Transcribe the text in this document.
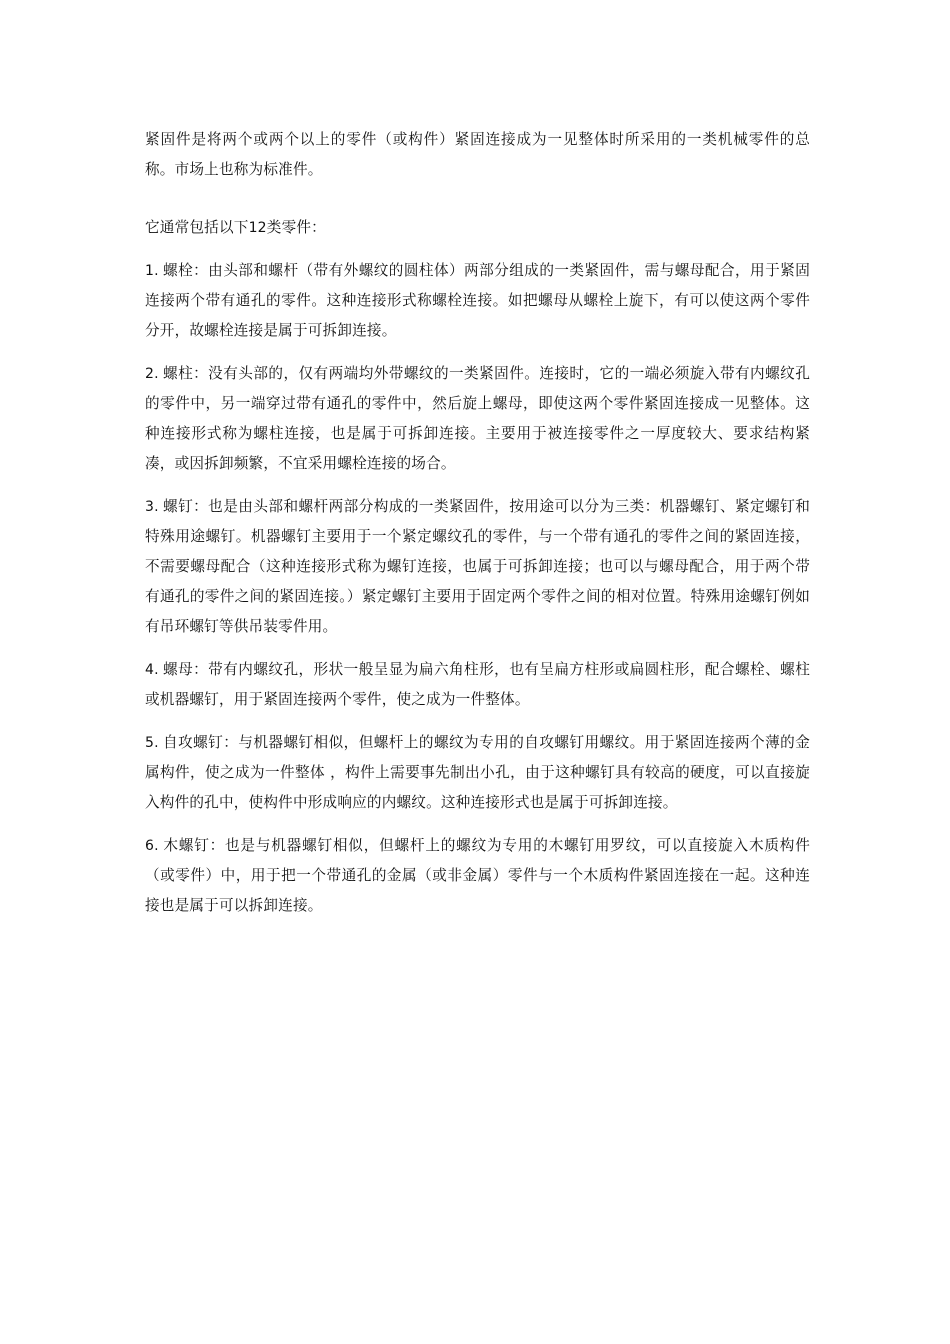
紧固件是将两个或两个以上的零件（或构件）紧固连接成为一见整体时所采用的一类机械零件的总称。市场上也称为标准件。

它通常包括以下12类零件：

1. 螺栓：由头部和螺杆（带有外螺纹的圆柱体）两部分组成的一类紧固件，需与螺母配合，用于紧固连接两个带有通孔的零件。这种连接形式称螺栓连接。如把螺母从螺栓上旋下，有可以使这两个零件分开，故螺栓连接是属于可拆卸连接。

2. 螺柱：没有头部的，仅有两端均外带螺纹的一类紧固件。连接时，它的一端必须旋入带有内螺纹孔的零件中，另一端穿过带有通孔的零件中，然后旋上螺母，即使这两个零件紧固连接成一见整体。这种连接形式称为螺柱连接，也是属于可拆卸连接。主要用于被连接零件之一厚度较大、要求结构紧凑，或因拆卸频繁，不宜采用螺栓连接的场合。

3. 螺钉：也是由头部和螺杆两部分构成的一类紧固件，按用途可以分为三类：机器螺钉、紧定螺钉和特殊用途螺钉。机器螺钉主要用于一个紧定螺纹孔的零件，与一个带有通孔的零件之间的紧固连接，不需要螺母配合（这种连接形式称为螺钉连接，也属于可拆卸连接；也可以与螺母配合，用于两个带有通孔的零件之间的紧固连接。）紧定螺钉主要用于固定两个零件之间的相对位置。特殊用途螺钉例如有吊环螺钉等供吊装零件用。

4. 螺母：带有内螺纹孔，形状一般呈显为扁六角柱形，也有呈扁方柱形或扁圆柱形，配合螺栓、螺柱或机器螺钉，用于紧固连接两个零件，使之成为一件整体。

5. 自攻螺钉：与机器螺钉相似，但螺杆上的螺纹为专用的自攻螺钉用螺纹。用于紧固连接两个薄的金属构件，使之成为一件整体 ，构件上需要事先制出小孔，由于这种螺钉具有较高的硬度，可以直接旋入构件的孔中，使构件中形成响应的内螺纹。这种连接形式也是属于可拆卸连接。

6. 木螺钉：也是与机器螺钉相似，但螺杆上的螺纹为专用的木螺钉用罗纹，可以直接旋入木质构件（或零件）中，用于把一个带通孔的金属（或非金属）零件与一个木质构件紧固连接在一起。这种连接也是属于可以拆卸连接。
